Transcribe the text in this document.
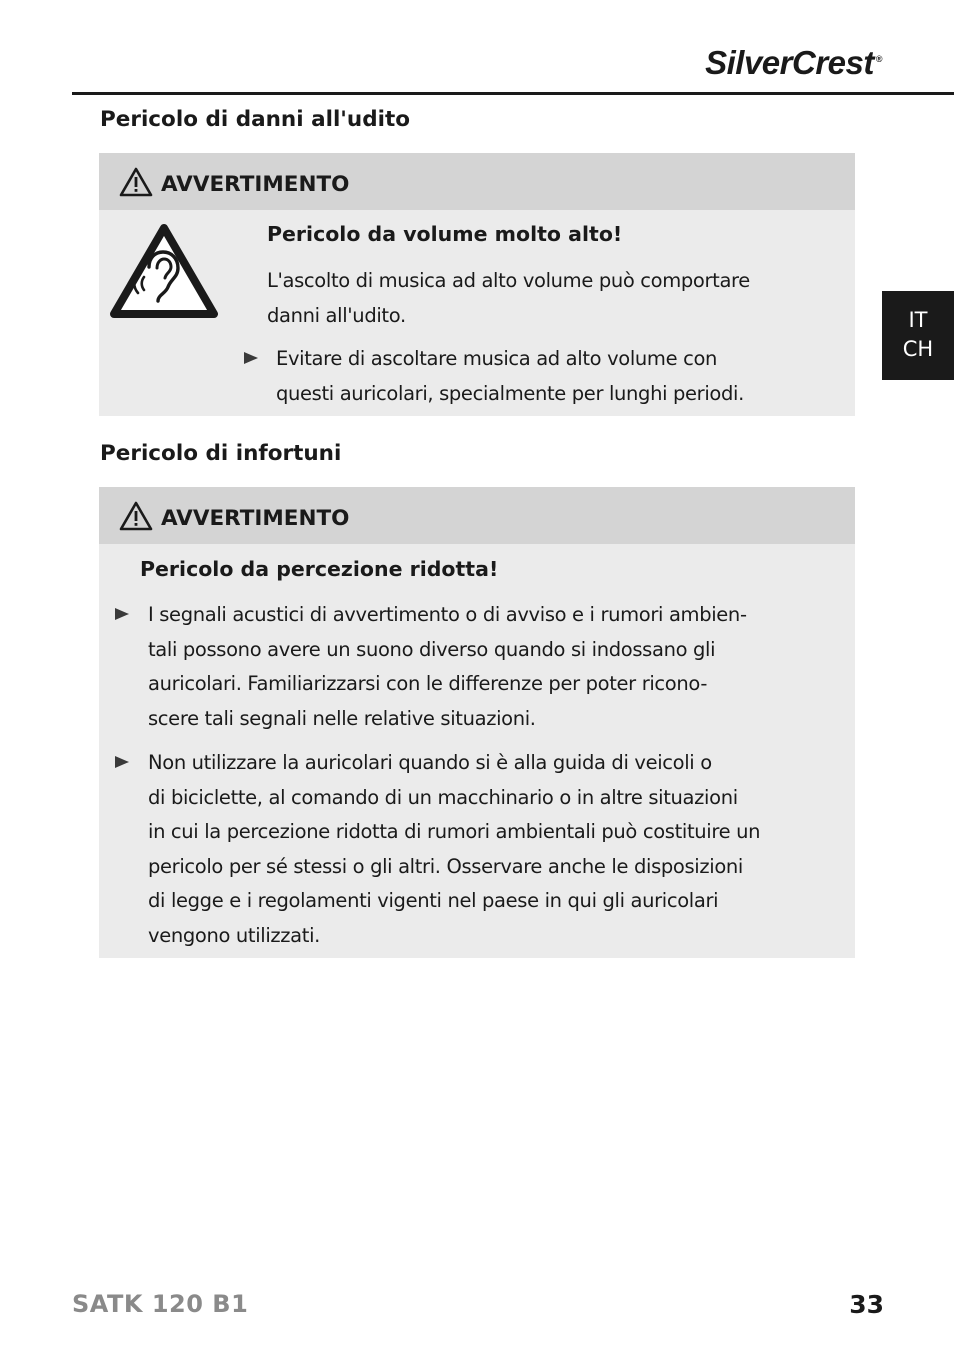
SilverCrest ®
IT
CH
Pericolo di danni all'udito
AVVERTIMENTO

Pericolo da volume molto alto!

L'ascolto di musica ad alto volume può comportare
danni all'udito.

Evitare di ascoltare musica ad alto volume con
questi auricolari, specialmente per lunghi periodi.

Pericolo di infortuni
AVVERTIMENTO

Pericolo da percezione ridotta!

I segnali acustici di avvertimento o di avviso e i rumori ambien-
tali possono avere un suono diverso quando si indossano gli
auricolari. Familiarizzarsi con le differenze per poter ricono-
scere tali segnali nelle relative situazioni.

Non utilizzare la auricolari quando si è alla guida di veicoli o
di biciclette, al comando di un macchinario o in altre situazioni
in cui la percezione ridotta di rumori ambientali può costituire un
pericolo per sé stessi o gli altri. Osservare anche le disposizioni
di legge e i regolamenti vigenti nel paese in qui gli auricolari
vengono utilizzati.

SATK 120 B1	33
